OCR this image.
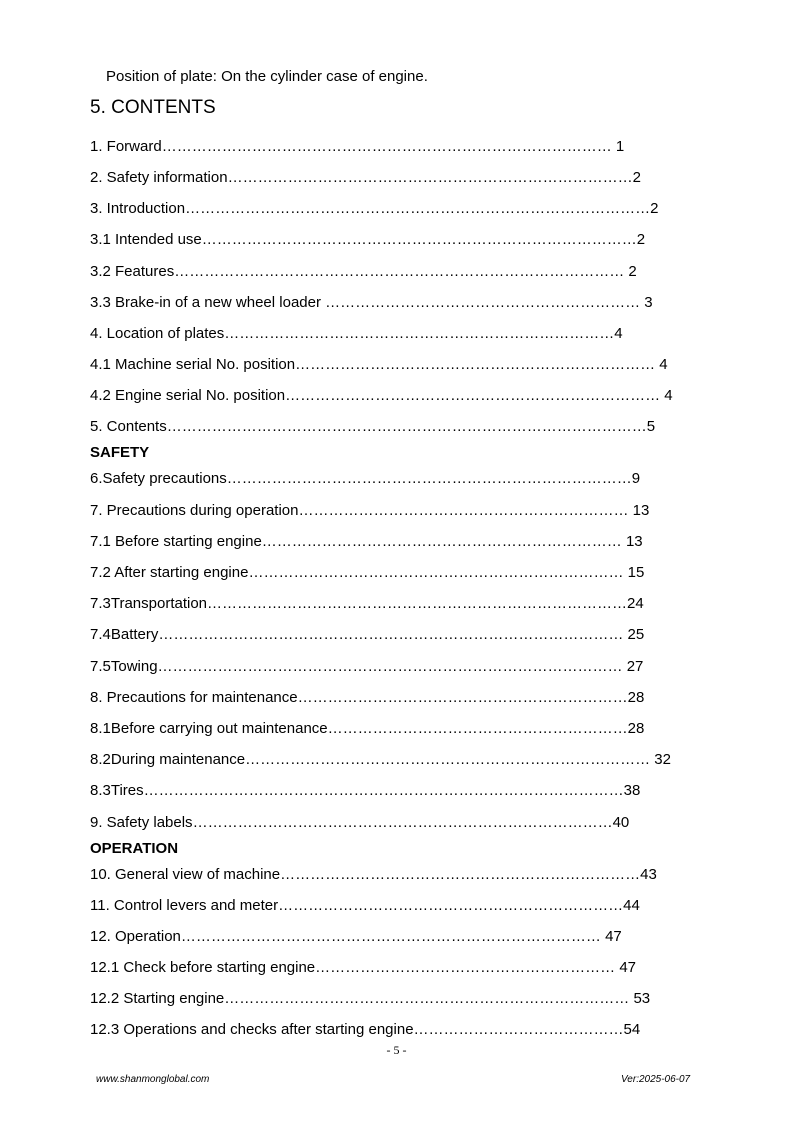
Position of plate: On the cylinder case of engine.
5. CONTENTS
1. Forward……………………………………………………………………………… 1
2. Safety information………………………………………………………………………2
3. Introduction…………………………………………………………………………………2
3.1 Intended use……………………………………………………………………………2
3.2 Features……………………………………………………………………………… 2
3.3 Brake-in of a new wheel loader ……………………………………………………… 3
4. Location of plates……………………………………………………………………4
4.1 Machine serial No. position……………………………………………………………… 4
4.2 Engine serial No. position………………………………………………………………… 4
5. Contents……………………………………………………………………………………5
SAFETY
6.Safety precautions………………………………………………………………………9
7. Precautions during operation………………………………………………………… 13
7.1 Before starting engine……………………………………………………………… 13
7.2 After starting engine………………………………………………………………… 15
7.3Transportation…………………………………………………………………………24
7.4Battery………………………………………………………………………………… 25
7.5Towing………………………………………………………………………………… 27
8. Precautions for maintenance…………………………………………………………28
8.1Before carrying out maintenance……………………………………………………28
8.2During maintenance……………………………………………………………………… 32
8.3Tires……………………………………………………………………………………38
9. Safety labels…………………………………………………………………………40
OPERATION
10. General view of machine………………………………………………………………43
11. Control levers and meter……………………………………………………………44
12. Operation………………………………………………………………………… 47
12.1 Check before starting engine…………………………………………………… 47
12.2 Starting engine……………………………………………………………………… 53
12.3 Operations and checks after starting engine……………………………………54
- 5 -
www.shanmonglobal.com	Ver:2025-06-07
